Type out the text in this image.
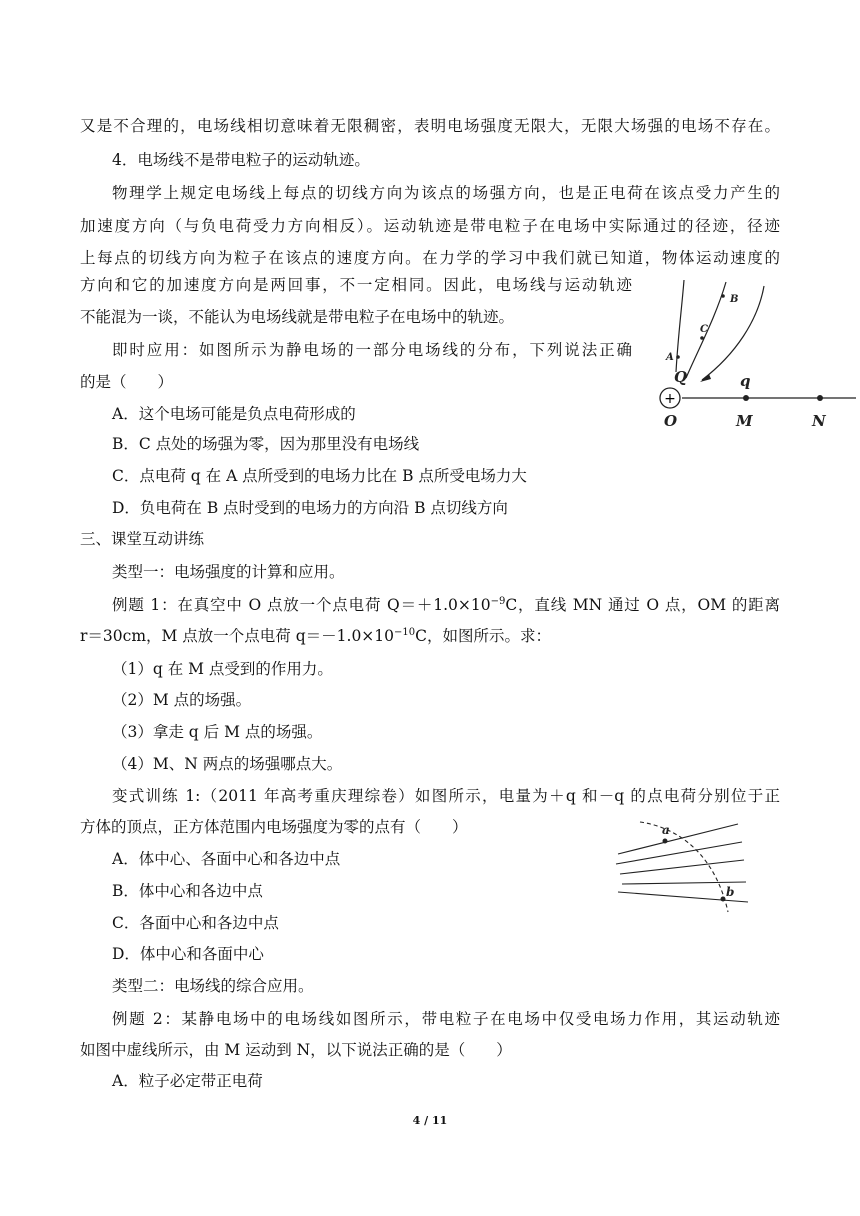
又是不合理的，电场线相切意味着无限稠密，表明电场强度无限大，无限大场强的电场不存在。
4．电场线不是带电粒子的运动轨迹。
物理学上规定电场线上每点的切线方向为该点的场强方向，也是正电荷在该点受力产生的
加速度方向（与负电荷受力方向相反）。运动轨迹是带电粒子在电场中实际通过的径迹，径迹
上每点的切线方向为粒子在该点的速度方向。在力学的学习中我们就已知道，物体运动速度的
方向和它的加速度方向是两回事，不一定相同。因此，电场线与运动轨迹
不能混为一谈，不能认为电场线就是带电粒子在电场中的轨迹。
即时应用：如图所示为静电场的一部分电场线的分布，下列说法正确
的是（　　）
A．这个电场可能是负点电荷形成的
B．C 点处的场强为零，因为那里没有电场线
C．点电荷 q 在 A 点所受到的电场力比在 B 点所受电场力大
D．负电荷在 B 点时受到的电场力的方向沿 B 点切线方向
三、课堂互动讲练
类型一：电场强度的计算和应用。
例题 1：在真空中 O 点放一个点电荷 $Q=+1.0\times 10^{-9}C$，直线 MN 通过 O 点，OM 的距离
r＝30cm，M 点放一个点电荷 $q=-1.0\times 10^{-10}C$，如图所示。求：
（1）q 在 M 点受到的作用力。
（2）M 点的场强。
（3）拿走 q 后 M 点的场强。
（4）M、N 两点的场强哪点大。
变式训练 1:（2011 年高考重庆理综卷）如图所示，电量为＋q 和－q 的点电荷分别位于正
方体的顶点，正方体范围内电场强度为零的点有（　　）
A．体中心、各面中心和各边中点
B．体中心和各边中点
C．各面中心和各边中点
D．体中心和各面中心
类型二：电场线的综合应用。
例题 2：某静电场中的电场线如图所示，带电粒子在电场中仅受电场力作用，其运动轨迹
如图中虚线所示，由 M 运动到 N，以下说法正确的是（　　）
A．粒子必定带正电荷
+
A
B
C
Q	q
O	M	N
a
b
4 / 11
